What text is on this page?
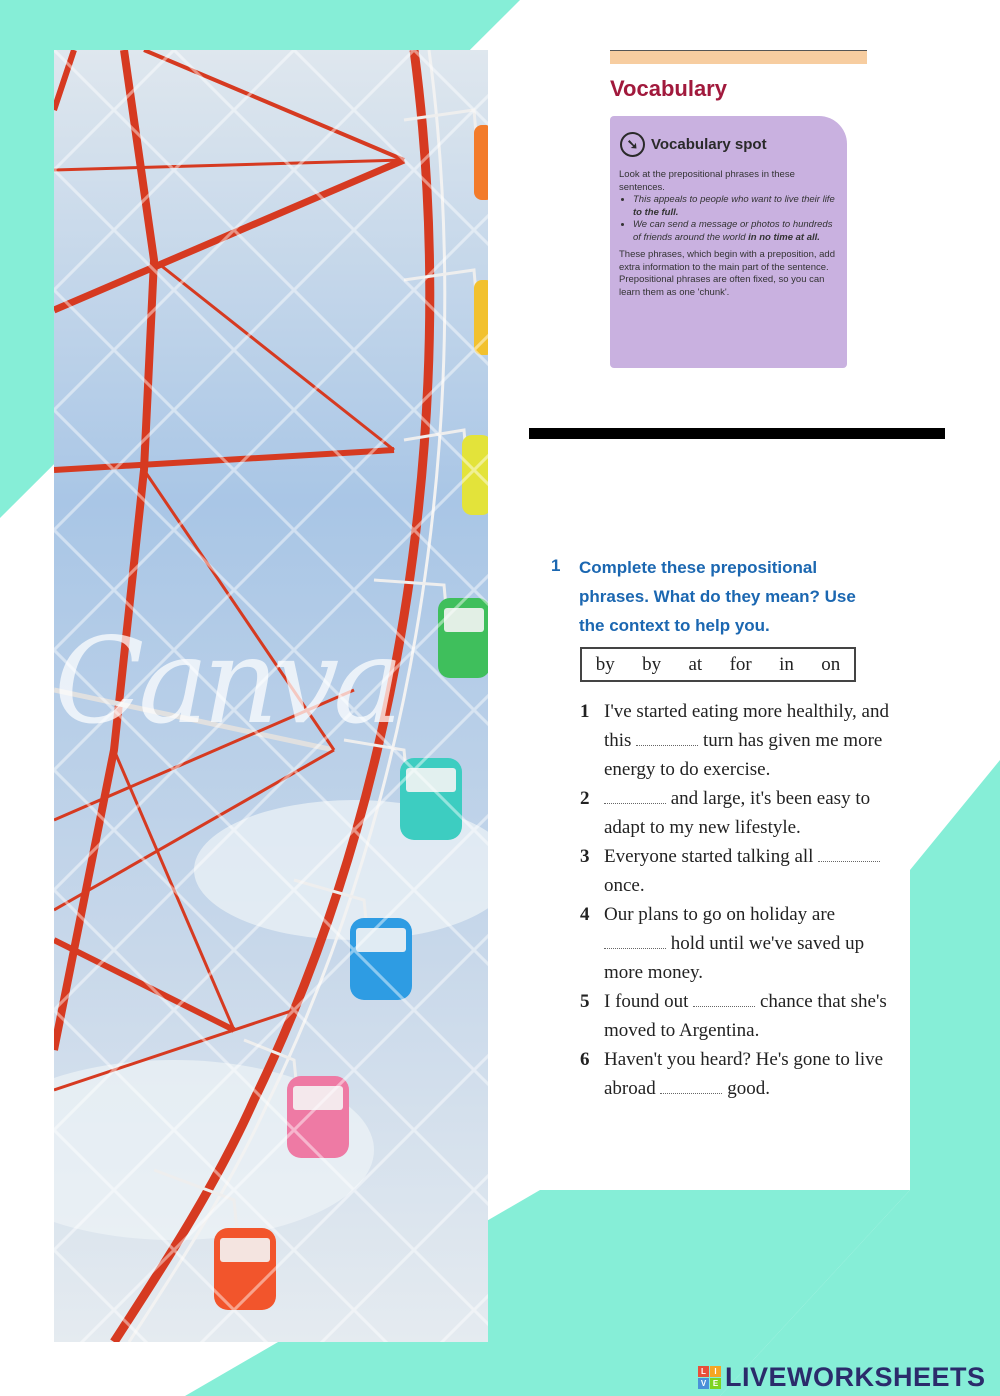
Canva
Vocabulary
➘ Vocabulary spot

Look at the prepositional phrases in these sentences.

• This appeals to people who want to live their life to the full.
• We can send a message or photos to hundreds of friends around the world in no time at all.

These phrases, which begin with a preposition, add extra information to the main part of the sentence. Prepositional phrases are often fixed, so you can learn them as one 'chunk'.

1 Complete these prepositional phrases. What do they mean? Use the context to help you.
by by at for in on
1 I've started eating more healthily, and this	turn has given me more energy to do exercise.
2	and large, it's been easy to adapt to my new lifestyle.
3 Everyone started talking all  once.
4 Our plans to go on holiday are  hold until we've saved up more money.
5 I found out	chance that she's moved to Argentina.
6 Haven't you heard? He's gone to live abroad	good.
L	I
V E LIVEWORKSHEETS
